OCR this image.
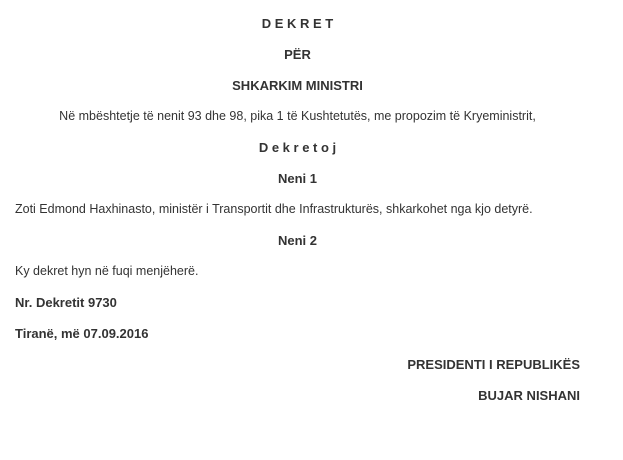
D E K R E T

PËR

SHKARKIM MINISTRI

Në mbështetje të nenit 93 dhe 98, pika 1 të Kushtetutës, me propozim të Kryeministrit,

D e k r e t o j

Neni 1

Zoti Edmond Haxhinasto, ministër i Transportit dhe Infrastrukturës, shkarkohet nga kjo detyrë.

Neni 2

Ky dekret hyn në fuqi menjëherë.

Nr. Dekretit 9730

Tiranë, më 07.09.2016

PRESIDENTI I REPUBLIKËS

BUJAR NISHANI
